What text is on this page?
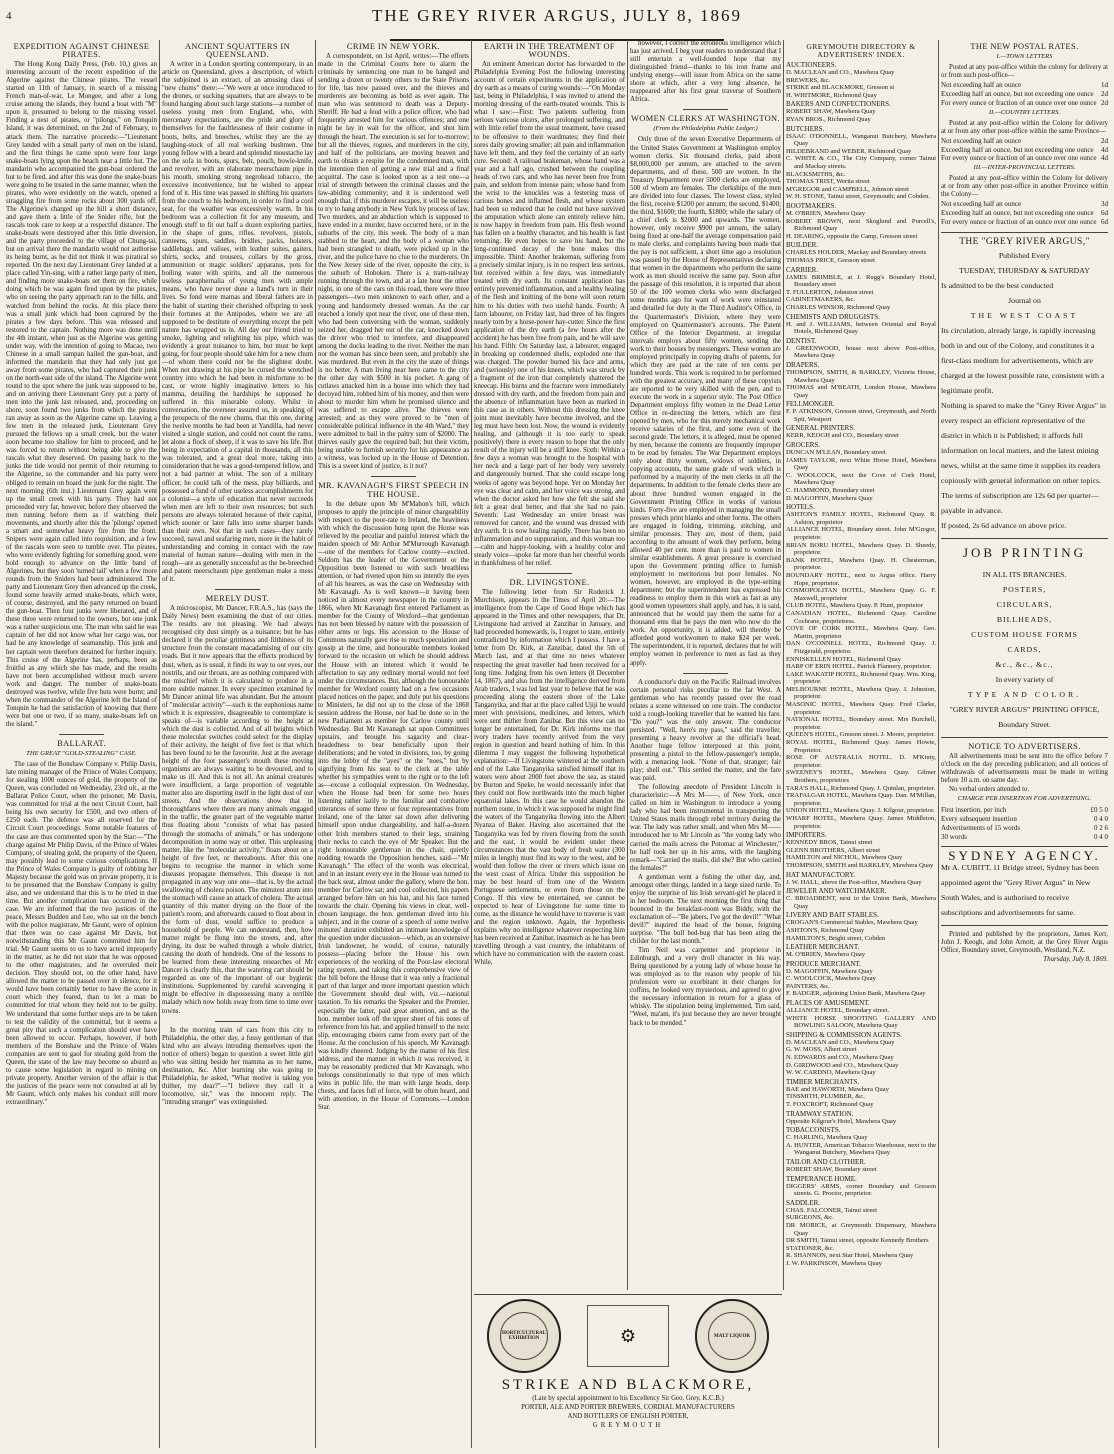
4	THE GREY RIVER ARGUS, JULY 8, 1869
EXPEDITION AGAINST CHINESE PIRATES.

The Hong Kong Daily Press, (Feb. 10,) gives an interesting account of the recent expedition of the Algerine against the Chinese pirates. The vessel started on 11th of January, in search of a missing French man-of-war, Le Mongee, and after a long cruise among the islands, they found a boat with "M" upon it, presumed to belong to the missing vessel. Finding a nest of pirates, or "pilongs," on Tonquin Island, it was determined, on the 2nd of February, to attack them. The narrative proceeds:—"Lieutenant Grey landed with a small party of men on the island, and the first things he came upon were four large snake-boats lying upon the beach near a little hut. The mandarin who accompanied the gun-boat ordered the hut to be fired, and after this was done the snake-boats were going to be treated in the same manner, when the pirates, who were evidently on the watch, opened a straggling fire from some rocks about 300 yards off. The Algerine's charged up the hill a short distance, and gave them a little of the Snider rifle, but the rascals took care to keep at a respectful distance. The snake-boats were destroyed after this little diversion, and the party proceeded to the village of Chung-tai, but on arrival there the mandarin would not authorise its being burnt, as he did not think it was piratical so reported. On the next day Lieutenant Grey landed at a place called Yin-sing, with a rather large party of men, and finding more snake-boats set them on fire, while doing which he was again fired upon by the pirates, who on seeing the party approach ran to the hills, and watched from behind the rocks. At this place there was a small junk which had been captured by the pirates a few days before. This was released and restored to the captain. Nothing more was done until the 4th instant, when just as the Algerine was getting under way, with the intention of going to Macao, two Chinese in a small sampan hailed the gun-boat, and informed the mandarin that they had only just got away from some pirates, who had captured their junk on the north-east side of the island. The Algerine went round to the spot where the junk was supposed to be, and on arriving there Lieutenant Grey put a party of men into the junk last released, and, proceeding on shore, soon found two junks from which the pirates ran away as soon as the Algerine came up. Leaving a few men in the released junk, Lieutenant Grey pursued the fellows up a small creek, but the water soon became too shallow for him to proceed, and he was forced to return without being able to give the rascals what they deserved. On passing back to the junks the tide would not permit of their returning to the Algerine, so the commander and his party were obliged to remain on board the junk for the night. The next morning (6th inst.) Lieutenant Grey again went up the small creek with his party. They had not proceeded very far, however, before they observed the men running before them as if watching their movements, and shortly after this the 'pilongs' opened a smart and somewhat heavy fire from the front. Snipers were again called into requisition, and a few of the rascals were seen to tumble over. The pirates, who were evidently fighting for something good, were bold enough to advance on the little band of Algerines, but they soon 'turned tail' when a few more rounds from the Sniders had been administered. The party and Lieutenant Grey then advanced up the creek, found some heavily armed snake-boats, which were, of course, destroyed, and the party returned on board the gun-boat. Then four junks were liberated, and of these three were returned to the owners, but one junk was a rather suspicious one. The man who said he was captain of her did not know what her cargo was, nor had he any knowledge of seamanship. This junk and her captain were therefore detained for further inquiry. This cruise of the Algerine has, perhaps, been as fruitful as any which she has made, and the results have not been accomplished without much severe work and danger. The number of snake-boats destroyed was twelve, while five huts were burnt; and when the commander of the Algerine left the Island of Tonquin he had the satisfaction of knowing that there were but one or two, if so many, snake-boats left on the island."

BALLARAT.
THE GREAT "GOLD-STEALING" CASE.

The case of the Bonshaw Company v. Philip Davis, late mining manager of the Prince of Wales Company, for stealing 1000 ounces of gold, the property of the Queen, was concluded on Wednesday, 23rd ult., at the Ballarat Police Court, when the prisoner, Mr Davis, was committed for trial at the next Circuit Court, bail being his own security for £500, and two others of £250 each. The defence was all reserved for the Circuit Court proceedings. Some notable features of the case are thus commented upon by the Star:—"The charge against Mr Philip Davis, of the Prince of Wales Company, of stealing gold, the property of the Queen, may possibly lead to some curious complications. If the Prince of Wales Company is guilty of robbing her Majesty because the gold was on private property, it is to be presumed that the Bonshaw Company is guilty also, and we understand that this is to be tried in due time. But another complication has occurred in the case. We are informed that the two justices of the peace, Messrs Budden and Lee, who sat on the bench with the police magistrate, Mr Gaunt, were of opinion that there was no case against Mr Davis, but notwithstanding this Mr Gaunt committed him for trial. Mr Gaunt seems to us to have acted improperly in the matter, as he did not state that he was opposed to the other magistrates, and he overruled their decision. They should not, on the other hand, have allowed the matter to be passed over in silence, for it would have been certainly better to have the scene in court which they feared, than to let a man be committed for trial whom they held not to be guilty. We understand that some further steps are to be taken to test the validity of the committal, but it seems a great pity that such a complication should ever have been allowed to occur. Perhaps, however, if both members of the Bonshaw and the Prince of Wales companies are sent to gaol for stealing gold from the Queen, the state of the law may become so absurd as to cause some legislation in regard to mining on private property. Another version of the affair is that the justices of the peace were not consulted at all by Mr Gaunt, which only makes his conduct still more extraordinary."

ANCIENT SQUATTERS IN QUEENSLAND.

A writer in a London sporting contemporary, in an article on Queensland, gives a description, of which the subjoined is an extract, of an amusing class of "new chums" there:—"We were at once introduced to the drones, or sucking squatters, that are always to be found hanging about such large stations—a number of useless young men from England, who, with mercenary expectations, are the pride and glory of themselves for the faultlessness of their costume in boots, belts, and breeches, whilst they are the ay laughing-stock of all real working bushmen. One young fellow with a beard and splendid moustache lay on the sofa in boots, spurs, belt, pouch, bowie-knife, and revolver, with an elaborate meerschaum pipe in his mouth, smoking strong negrohead tobacco, the excessive inconvenience, but he wished to appear fond of it. His time was passed in shifting his quarters from the couch to his bedroom, in order to find a cool seat, for the weather was excessively warm. In his bedroom was a collection fit for any museum, and enough stuff to fit out half a dozen exploring parties, in the shape of guns, rifles, revolvers, pistols, canteens, spurs, saddles, bridles, packs, holsters, saddlebags, and valises, with leather suites, gaiters, shirts, socks, and trousers, collars by the gross, ammunition or magic soldiers' apparatus, pots for boiling water with spirits, and all the numerous useless paraphernalia of young men with ample means, who have never done a hand's turn in their lives. So fond were mamas and liberal fathers are in the habit of starting their cherished offspring to seek their fortunes at the Antipodes, where we are all supposed to be destitute of everything except the pelt nature has wrapped us in. All day our friend tried to smoke, lighting and relighting his pipe, which was evidently a great nuisance to him, but must be kept going, for four people should take him for a new chum—of whom there could not be the slightest doubt. When not drawing at his pipe he cursed the wretched country into which he had been in misfortune to be cast, or wrote highly imaginative letters to his mamma, detailing the hardships he supposed he suffered in this miserable colony. Whilst in conversation, the overseer assured us, in speaking of the prospects of the new chums, that this one, during the twelve months he had been at Yandilla, had never visited a single station, and could not count the rams, let alone a flock of sheep, if it was to save his life. But being in expectation of a capital in thousands, all this was tolerated, and a great deal more, taking into consideration that he was a good-tempered fellow, and not a bad partner at whist. The son of a military officer, he could talk of the mess, play billiards, and possessed a fund of other useless accomplishments for a colonist—a style of education that never succeeds when men are left to their own resources; but such persons are always tolerated because of their capital, which sooner or later falls into some sharper hands than their own. Not that in such cases—they rarely succeed, naval and seafaring men, more in the habit of understanding and coming in contact with the raw material of human nature—dealing with men in the rough—are as generally successful as the be-breeched and patent meerschaum pipe gentleman make a mess of it.

MERELY DUST.

A microscopist, Mr Dancer, F.R.A.S., has (says the Daily News) been examining the dust of our cities. The results are not pleasing. We had always recognised city dust simply as a nuisance; but he has declared it the peculiar grittiness and filthiness of its structure from the constant macadamising of our city roads. But it now appears that the effects produced by dust, when, as is usual, it finds its way to our eyes, our nostrils, and our throats, are as nothing compared with the mischief which it is calculated to produce in a more subtle manner. In every specimen examined by Mr Dancer animal life was abundant. But the amount of "molecular activity"—such is the euphonious name which it is expressive, disagreeable to contemplate is speaks of—is variable according to the height at which the dust is collected. And of all heights which these molecular switches could select for the display of their activity, the height of five feet is that which has been found to be the favourite. Just at the average height of the foot passenger's mouth these moving organisms are always waiting to be devoured, and to make us ill. And this is not all. An animal creatures were insufficient, a large proportion of vegetable matter also are disporting itself in the light dust of our streets. And the observations show that in thoroughfares where there are many animals engaged in the traffic, the greater part of the vegetable matter thus floating about "consists of what has passed through the stomachs of animals," or has undergone decomposition in some way or other. This unpleasing matter, like the "molecular activity," floats about on a height of five feet, or thereabouts. After this one begins to recognise the manner in which some diseases propagate themselves. This disease is not propagated in any way one one—that is, by the actual swallowing of cholera poison. The minutest atom into the stomach will cause an attack of cholera. The actual quantity of this matter drying on the floor of the patient's room, and afterwards caused to float about in the form of dust, would suffice to produce a household of people. We can understand, then, how matter might be flung into the streets, and, after drying, its dust be wafted through a whole district, causing the death of hundreds. One of the lessons to be learned from these interesting researches of Mr Dancer is clearly this, that the watering cart should be regarded as one of the important of our hygienic institutions. Supplemented by careful scavenging it might be effective in dispossessing many a terrible malady which now holds sway from time to time over towns.

In the morning train of cars from this city to Philadelphia, the other day, a fussy gentleman of that kind who are always intruding themselves upon the notice of others) began to question a sweet little girl who was sitting beside her mamma as to her name, destination, &c. After learning she was going to Philadelphia, he asked, "What motive is taking you thither, my dear?"—"I believe they call it a locomotive, sir," was the innocent reply. The "intruding stranger" was extinguished.

CRIME IN NEW YORK.

A correspondent, on 1st April, writes:—The efforts made in the Criminal Courts here to alarm the criminals by sentencing one man to be hanged and sending a dozen or twenty others to the State Prisons for life, has now passed over, and the thieves and murderers are becoming as bold as ever again. The man who was sentenced to death was a Deputy-Sheriff. He had a feud with a police officer, who had frequently arrested him for various offences; and one night he lay in wait for the officer, and shot him through the heart. The execution is set for to-morrow; but all the thieves, rogues, and murderers in the city, and half of the politicians, are moving heaven and earth to obtain a respite for the condemned man, with the intention then of getting a new trial and a final acquittal. The case is looked upon as a test one—a trial of strength between the criminal classes and the law-abiding community; and it is understood well enough that, if this murderer escapes, it will be useless to try to hang anybody in New York by process of law. Two murders, and an abduction which is supposed to have ended in a murder, have occurred here, or in the suburbs of the city, this week. The body of a man stabbed to the heart, and the body of a woman who had been strangled to death, were picked up in the river, and the police have no clue to the murderers. On the New Jersey side of the river, opposite the city, is the suburb of Hoboken. There is a tram-railway running through the town, and at a late hour the other night, in one of the cars on this road, there were three passengers—two men unknown to each other, and a young and handsomely dressed woman. As the car reached a lonely spot near the river, one of these men, who had been conversing with the woman, suddenly seized her, dragged her out of the car, knocked down the driver who tried to interfere, and disappeared among the docks leading to the river. Neither the man nor the woman has since been seen, and probably she was murdered. But even in the city the state of things is no better. A man living near here came to the city the other day with $500 in his pocket. A gang of cutlaws attacked him in a house into which they had decoyed him, robbed him of his money, and then were about to murder him when he promised silence and was suffered to escape alive. The thieves were arrested; and as they were proved to be "men of considerable political influence in the 4th Ward," they were admitted to bail in the paltry sum of $2000. The thieves easily gave the required bail; but their victim, being unable to furnish security for his appearance as a witness, was locked up in the House of Detention. This is a sweet kind of justice, is it not?

MR. KAVANAGH'S FIRST SPEECH IN THE HOUSE.

In the debate upon Mr M'Mahon's bill, which proposes to apply the principle of minor chargeability with respect to the poor-rate to Ireland, the heaviness with which the discussion hung upon the House was relieved by the peculiar and painful interest which the maiden speech of Mr Arthur M'Murrough Kavanagh—one of the members for Carlow county—excited. Seldom has the leader of the Government or the Opposition been listened to with such breathless attention, or had riveted upon him so intently the eyes of all his hearers, as was the case on Wednesday with Mr Kavanagh. As is well known—it having been noticed in almost every newspaper in the country in 1866, when Mr Kavanagh first entered Parliament as member for the County of Wexford—that gentleman has not been blessed by nature with the possession of either arms or legs. His accession to the House of Commons naturally gave rise to much speculation and gossip at the time, and honourable members looked forward to the occasion on which he should address the House with an interest which it would be affectation to say any ordinary mortal would not feel under the circumstances. But, although the honourable member for Wexford county had on a few occasions placed notices on the paper, and duly put his questions to Ministers, he did not up to the close of the 1868 session address the House, nor had he done so in the new Parliament as member for Carlow county until Wednesday. But Mr Kavanagh sat upon Committees upstairs, and brought his sagacity and clear-headedness to bear beneficially upon their deliberations; and he voted in divisions, too, by going into the lobby of the "ayes" or the "noes," but by signifying from his seat to the clerk at the table whether his sympathies went to the right or to the left as—excuse a colloquial expression. On Wednesday, when the House had been for some two hours listening rather lazily to the familiar and combative utterances of some three or four representatives from Ireland, one of the latter sat down after delivering himself upon undue chargeability, and half-a-dozen other Irish members started to their legs, straining their necks to catch the eye of Mr Speaker. But the right honourable gentleman in the chair, quietly nodding towards the Opposition benches, said—"Mr Kavanagh." The effect of the words was electrical, and in an instant every eye in the House was turned to the back seat, almost under the gallery, where the hon. member for Carlow sat; and cool collected, his papers arranged before him on his hat, and his face turned towards the chair. Opening his views in clear, well-chosen language, the hon. gentleman dived into his subject, and in the course of a speech of some twelve minutes' duration exhibited an intimate knowledge of the question under discussion—which, as an extensive Irish landowner, he would, of course, naturally possess—placing before the House his own experiences of the working of the Poor-law electoral rating system, and taking this comprehensive view of the bill before the House that it was only a fractional part of that larger and more important question which the Government should deal with, viz.—national taxation. To his remarks the Speaker and the Premier, especially the latter, paid great attention, and as the hon. member took off the upper sheet of his notes of reference from his hat, and applied himself to the next slip, encouraging cheers came from every part of the House. At the conclusion of his speech, Mr Kavanagh was kindly cheered. Judging by the matter of his first address, and the manner in which it was received, it may be reasonably predicted that Mr Kavanagh, who belongs constitutionally to that type of men which wins in public life, the man with large heads, deep chests, and faces full of force, will be often heard, and with attention, in the House of Commons.—London Star.

EARTH IN THE TREATMENT OF WOUNDS.

An eminent American doctor has forwarded to the Philadelphia Evening Post the following interesting account of certain experiments in the application of dry earth as a means of curing wounds:—"On Monday last, being in Philadelphia, I was invited to attend the morning dressing of the earth-treated wounds. This is what I saw:—First: Two patients suffering from serious varicose ulcers, after prolonged suffering, and with little relief from the usual treatment, have ceased to be offensive to their wardmates; they find their sores daily growing smaller; all pain and inflammation have left them, and they feel the certainty of an early cure. Second: A railroad brakeman, whose hand was a year and a half ago, crushed between the coupling heads of two cars, and who has never been free from pain, and seldom from intense pain; whose hand from the wrist to the knuckles was a festering mass of carious bones and inflamed flesh, and whose system had been so reduced that he could not have survived the amputation which alone can entirely relieve him, is now happy in freedom from pain. His flesh wound has fallen on a healthy character, and his health is fast returning. He even hopes to save his hand, but the long-continued decay of the bone makes this impossible. Third: Another brakeman, suffering from a precisely similar injury, is in no respect less serious, but received within a few days, was immediately treated with dry earth. Its constant application has entirely prevented inflammation, and a healthy healing of the flesh and knitting of the bone will soon return him to his duties with two useful hands. Fourth: A farm labourer, on Friday last, had three of his fingers nearly torn by a horse-power hay-cutter. Since the first application of the dry earth (a few hours after the accident) he has been free from pain, and he will save his hand. Fifth: On Saturday last, a labourer, engaged in breaking up condemned shells, exploded one that was charged. The powder burned his face and arms, and (seriously) one of his knees, which was struck by a fragment of the iron that completely shattered the kneecap. His burns and the fracture were immediately dressed with dry earth, and the freedom from pain and the absence of inflammation have been as marked in this case as in others. Without this dressing the knee joint must inevitably have become involved, and the leg must have been lost. Now, the wound is evidently healing, and (although it is too early to speak positively) there is every reason to hope that the only result of the injury will be a stiff knee. Sixth: Within a few days a woman was brought to the hospital with her neck and a large part of her body very severely and dangerously burned. That she could escape long weeks of agony was beyond hope. Yet on Monday her eye was clear and calm, and her voice was strong, and when the doctor asked her how she felt she said she felt a great deal better, and that she had no pain. Seventh: Last Wednesday an entire breast was removed for cancer, and the wound was dressed with dry earth. It is now healing rapidly. There has been no inflammation and no suppuration, and this woman too—calm and happy-looking, with a healthy color and steady voice—spoke far more than her cheerful words in thankfulness of her relief.

DR. LIVINGSTONE.

The following letter from Sir Roderick J. Murchison, appears in the Times of April 20:—The intelligence from the Cape of Good Hope which has appeared in the Times and other newspapers, that Dr. Livingstone had arrived at Zanzibar in January, and had proceeded homewards, is, I regret to state, entirely contradicted by information which I possess. I have a letter from Dr. Kirk, at Zanzibar, dated the 5th of March last, and at that time no news whatever respecting the great traveller had been received for a long time. Judging from his own letters (8 December 14, 1867), and also from the intelligence derived from Arab traders, I was led last year to believe that he was proceeding along the eastern shore of the Lake Tanganyika, and that at the place called Ujiji he would meet with provisions, medicines, and letters, which were sent thither from Zanibar. But this view can no longer be entertained, for Dr. Kirk informs me that ivory traders have recently arrived from the very region in question and heard nothing of him. In this dilemma I may suggest the following hypothetical explanation:—If Livingstone wintered at the southern end of the Lake Tanganyika satisfied himself that its waters were about 2000 feet above the sea, as stated by Burton and Speke, he would necessarily infer that they could not flow northwards into the much higher equatorial lakes. In this case he would abandon the northern route, in which it was supposed he might find the waters of the Tanganyika flowing into the Albert Nyanza of Baker. Having also ascertained that the Tanganyika was fed by rivers flowing from the south and the east, it would be evident under these circumstances that the vast body of fresh water (300 miles in length) must find its way to the west, and he would then follow the river or rivers which issue on the west coast of Africa. Under this supposition he may be best heard of from one of the Western Portuguese settlements, or even from those on the Congo. If this view be entertained, we cannot be expected to hear of Livingstone for some time to come, as the distance he would have to traverse is vast and the region unknown. Again, the hypothesis explains why no intelligence whatever respecting him has been received at Zanibar, inasmuch as he has been travelling through a vast country, the inhabitants of which have no communication with the eastern coast. While,

however, I correct the erroneous intelligence which has just arrived, I beg your readers to understand that I still entertain a well-founded hope that my distinguished friend—thanks to his iron frame and undying energy—will issue from Africa on the same shore at which, after a very long absence, he reappeared after his first great traverse of Southern Africa.

WOMEN CLERKS AT WASHINGTON.
(From the Philadelphia Public Ledger.)

Only three of the seven Executive Departments of the United States Government at Washington employ women clerks. Six thousand clerks, paid about $8,000,000 per annum, are attached to the seven departments, and of these, 500 are women. In the Treasury Department over 5000 clerks are employed, 500 of whom are females. The clerkships of the men are divided into four classes. The lowest class, styled the first, receive $1200 per annum; the second, $1400; the third, $1600; the fourth, $1800; while the salary of a chief clerk is $2000 and upwards. The women, however, only receive $900 per annum, the salary being fixed at one-half the average compensation paid to male clerks, and complaints having been made that the pay is not sufficient, a short time ago a resolution was passed by the House of Representatives declaring that women in the departments who perform the same work as men should receive the same pay. Soon after the passage of this resolution, it is reported that about 50 of the 100 women clerks who were discharged some months ago for want of work were reinstated and detailed for duty in the Third Auditor's Office, in the Quartermaster's Division, where they were employed on Quartermaster's accounts. The Patent Office of the Interior Department, at irregular intervals employs about fifty women, sending the work to their houses by messengers. These women are employed principally in copying drafts of patents, for which they are paid at the rate of ten cents per hundred words. This work is required to be performed with the greatest accuracy, and many of these copyists are reported to be very skilled with the pen, and to execute the work in a superior style. The Post Office Department employs fifty women in the Dead Letter Office in re-directing the letters, which are first opened by men, who for this merely mechanical work receive salaries of the first, and some even of the second grade. The letters, it is alleged, must be opened by men, because the contents are frequently improper to be read by females. The War Department employs only about thirty women, widows of soldiers, in copying accounts, the same grade of work which is performed by a majority of the men clerks in all the departments. In addition to the female clerks there are about three hundred women engaged in the Government Printing Office in works of various kinds. Forty-five are employed in managing the small presses which print blanks and other forms. The others are engaged in folding, trimming, stitching, and similar processes. They are, most of them, paid according to the amount of work they perform, being allowed 40 per cent. more than is paid to women in similar establishments. A great pressure is exercised upon the Government printing office to furnish employment to meritorious but poor females. No women, however, are employed in the type-setting department; but the superintendent has expressed his readiness to employ them in this work as fast as any good women typesetters shall apply, and has, it is said, announced that he would pay them the same for a thousand ems that he pays the men who now do the work. An opportunity, it is added, will thereby be afforded good workwomen to make $24 per week. The superintendent, it is reported, declares that he will employ women in preference to men as fast as they apply.

A conductor's duty on the Pacific Railroad involves certain personal risks peculiar to the far West. A gentleman who has recently passed over the road relates a scene witnessed on one train. The conductor told a rough-looking traveller that he wanted his fare. "Do you?" was the only answer. The conductor persisted. "Well, here's my pass," said the traveller, presenting a heavy revolver at the official's head. Another huge fellow interposed at this point, presenting a pistol to the fellow-passenger's temple, with a menacing look. "None of that, stranger; fair play; shell out." This settled the matter, and the fare was paid.

The following anecdote of President Lincoln is characteristic:—A Mrs M——, of New York, once called on him in Washington to introduce a young lady who had been instrumental in transporting the United States mails through rebel territory during the war. The lady was rather small, and when Mrs M—— introduced her to Mr Lincoln as "the young lady who carried the mails across the Potomac at Winchester," he half took her up in his arms, with the laughing remark—"Carried the mails, did she? But who carried the females?"

A gentleman went a fishing the other day, and, amongst other things, landed in a large sized turtle. To enjoy the surprise of his Irish servant-girl he placed it in her bedroom. The next morning the first thing that bounced in the breakfast-room was Biddy, with the exclamation of—"Be jabers, I've got the devil!" "What devil?" inquired the head of the house, feigning surprise. "The bull bed-bug that has been ating the childer for the last month."

Tim Neil was carpenter and proprietor in Edinburgh, and a very droll character in his way. Being questioned by a young lady of whose house he was employed as to the reason why people of his profession were so exorbitant in their charges for coffins, he looked very mysterious, and agreed to give the necessary information in return for a glass of whisky. The stipulation being implemented, Tim said, "Weel, ma'am, it's just because they are never brought back to be mended."

HORTICULTURAL EXHIBITION	⚙	MALT LIQUOR
STRIKE AND BLACKMORE,
(Late by special appointment to his Excellency Sir Geo. Grey, K.C.B.)
PORTER, ALE AND PORTER BREWERS, CORDIAL MANUFACTURERS
AND BOTTLERS OF ENGLISH PORTER,
GREYMOUTH
GREYMOUTH DIRECTORY & ADVERTISERS' INDEX.
AUCTIONEERS.
D. MACLEAN and CO., Mawhera Quay
BREWERS, &c.
STRIKE and BLACKMORE, Gresson st
H. WHITMORE, Richmond Quay
BAKERS AND CONFECTIONERS.
ROBERT SHAW, Mawhera Quay
RYAN BROS., Richmond Quay
BUTCHERS.
ISAAC O'DONNELL, Wanganui Butchery, Mawhera Quay
HILDEBRAND and WEBER, Richmond Quay
C. WHITE & CO., The City Company, corner Tainui and Mackay streets.
BLACKSMITHS, &c.
THOMAS TRIST, Werita street
M'GREGOR and CAMPBELL, Johnson street
W. H. STONE, Tainui street, Greymouth; and Cobden.
BOOTMAKERS.
M. O'BRIEN, Mawhera Quay
ROBERT BROWN, next Skoglund and Purcell's, Richmond Quay
H. DEARING, opposite the Camp, Gresson street
BUILDER.
CHARLES HOLDER, Mackay and Boundary streets
THOMAS PRICE, Gresson street
CARRIER.
JAMES BRIMBLE, at J. Rugg's Boundary Hotel, Boundary street
T. FULLERTON, Johnston street
CABINETMAKERS, &c.
CHARLES WINSOR, Richmond Quay
CHEMISTS AND DRUGGISTS.
H. and J. WILLIAMS, between Oriental and Royal Hotels, Richmond Quay
DENTIST.
J. GREENWOOD, house next above Post-office, Mawhera Quay
DRAPERS.
THOMPSON, SMITH, & BARKLEY, Victoria House, Mawhera Quay
THOMAS and M'BEATH, London House, Mawhera Quay
FELLMONGER.
F. P. ATKINSON, Gresson street, Greymouth, and North Spit, Westport
GENERAL PRINTERS.
KERR, KEOGH and CO., Boundary street
GROCERS.
DUNCAN M'LEAN, Boundary street
JAMES TAYLOR, next White Horse Hotel, Mawhera Quay
C. WOOLCOCK, next the Cove of Cork Hotel, Mawhera Quay
C. HAMMOND, Boundary street
D. MAGOFFIN, Mawhera Quay
HOTELS.
ASHTON'S FAMILY HOTEL, Richmond Quay. R. Ashton, proprietor
ALLIANCE HOTEL, Boundary street. John M'Gregor, proprietor.
BRIAN BORU HOTEL, Mawhera Quay. D. Sheedy, proprietor.
BANK HOTEL, Mawhera Quay. H. Chesterman, proprietor.
BOUNDARY HOTEL, next to Argus office. Harry Hope, proprietor.
COSMOPOLITAN HOTEL, Mawhera Quay. G. F. Maxwell, proprietor
CLUB HOTEL, Mawhera Quay. P. Hunt, proprietor
CANADIAN HOTEL, Richmond Quay. Caroline Cochrane, proprietress.
COVE OF CORK HOTEL, Mawhera Quay. Geo. Martin, proprietor
DAN O'CONNELL HOTEL, Richmond Quay. J. Fitzgerald, proprietor.
ENNISKELLEN HOTEL, Richmond Quay
HARP OF ERIN HOTEL. Patrick Flannery, proprietor.
LAKE WAKATIP HOTEL, Richmond Quay. Wm. King, proprietor.
MELBOURNE HOTEL, Mawhera Quay. J. Johnston, proprietor.
MASONIC HOTEL, Mawhera Quay. Fred Clarke, proprietor.
NATIONAL HOTEL, Boundary street. Mrs Burchell, proprietor.
QUEEN'S HOTEL, Gresson street. J. Moore, proprietor.
ROYAL HOTEL, Richmond Quay. James Howie, Proprietor.
ROSE OF AUSTRALIA HOTEL. D. M'Kinty, proprietor.
SWEENEY'S HOTEL, Mawhera Quay. Gilmer Brothers, proprietors
TARA'S HALL, Richmond Quay. J. Quinlan, proprietor.
TRAFALGAR HOTEL, Mawhera Quay. Dan. M'Millan, proprietor.
UNION HOTEL, Mawhera Quay. J. Kilgour, proprietor.
WHARF HOTEL, Mawhera Quay. James Middleton, proprietor.
IMPORTERS.
KENNEDY BROS, Tainui street
GLENN BROTHERS, Albert street
HAMILTON and NICHOL, Mawhera Quay
THOMPSON, SMITH and BARKLEY, Mawhera Quay
HAT MANUFACTORY.
J. W. HALL, above the Post-office, Mawhera Quay
JEWELER AND WATCHMAKER.
C. BROADBENT, next to the Union Bank, Mawhera Quay
LIVERY AND BAIT STABLES.
CROGAN'S Commercial Stables, Mawhera Quay
ASHTON'S, Richmond Quay
HAMILTON'S, Bright street, Cobden
LEATHER MERCHANT.
M. O'BRIEN, Mawhera Quay
PRODUCE MERCHANT.
D. MAGOFFIN, Mawhera Quay
C. WOOLCOCK, Mawhera Quay
PAINTERS, &c.
F. BADGER, adjoining Union Bank, Mawhera Quay
PLACES OF AMUSEMENT.
ALLIANCE HOTEL, Boundary street.
WHITE HORSE SHOOTING GALLERY AND BOWLING SALOON, Mawhera Quay
SHIPPING & COMMISSION AGENTS.
D. MACLEAN and CO., Mawhera Quay
G. W. MOSS, Albert street
N. EDWARDS and CO., Mawhera Quay
D. GIRDWOOD and CO., Mawhera Quay
W. W. CARDNO, Mawhera Quay
TIMBER MERCHANTS.
BAE and HAWORTH, Mawhera Quay
TINSMITH, PLUMBER, &c.
T. FOXCROFT, Richmond Quay
TRAMWAY STATION.
Opposite Kilgour's Hotel, Mawhera Quay
TOBACCONISTS.
C. HARLING, Mawhera Quay
A. HUNTER, American Tobacco Warehouse, next to the Wanganui Butchery, Mawhera Quay
TAILOR AND CLOTHIER.
ROBERT SHAW, Boundary street
TEMPERANCE HOME.
DIGGERS' ARMS, corner Boundary and Gresson streets. G. Proctor, proprietor.
SADDLER.
CHAS. FALCONER, Tainui street
SURGEONS, &c.
DR MORICE, at Greymouth Dispensary, Mawhera Quay
DR SMITH, Tainui street, opposite Kennedy Brothers
STATIONER, &c.
R. SHANNON, next Star Hotel, Mawhera Quay
J. W. PARKINSON, Mawhera Quay
THE NEW POSTAL RATES.
I.—TOWN LETTERS

Posted at any post-office within the colony for delivery at or from such post-office—

Not exceeding half an ounce	1d
Exceeding half an ounce, but not exceeding one ounce 2d
For every ounce or fraction of an ounce over one ounce 2d
II.—COUNTRY LETTERS.

Posted at any post-office within the Colony for delivery at or from any other post-office within the same Province—

Not exceeding half an ounce	2d
Exceeding half an ounce, but not exceeding one ounce 4d
For every ounce or fraction of an ounce over one ounce 4d
III.—INTER-PROVINCIAL LETTERS.

Posted at any post-office within the Colony for delivery at or from any other post-office in another Province within the Colony—

Not exceeding half an ounce	3d
Exceeding half an ounce, but not exceeding one ounce 6d
For every ounce or fraction of an ounce over one ounce 6d
THE "GREY RIVER ARGUS,"
Published Every
TUESDAY, THURSDAY & SATURDAY
Is admitted to be the best conducted
Journal on
THE WEST COAST
Its circulation, already large, is rapidly increasing both in and out of the Colony, and constitutes it a first-class medium for advertisements, which are charged at the lowest possible rate, consistent with a legitimate profit.
Nothing is spared to make the "Grey River Argus" in every respect an efficient representative of the district in which it is Published; it affords full information on local matters, and the latest mining news, whilst at the same time it supplies its readers copiously with general information on other topics.
The terms of subscription are 12s 6d per quarter—payable in advance.
If posted, 2s 6d advance on above price.
JOB PRINTING
IN ALL ITS BRANCHES.
POSTERS,
CIRCULARS,
BILLHEADS,
CUSTOM HOUSE FORMS
CARDS,
&c., &c., &c.,
In every variety of
TYPE AND COLOR.
"GREY RIVER ARGUS" PRINTING OFFICE,
Boundary Street.
NOTICE TO ADVERTISERS.

All advertisements must be sent into the office before 7 o'clock on the day preceding publication; and all notices of withdrawals of advertisements must be made in writing before 10 a.m. on same day.

No verbal orders attended to.

CHARGE PER INSERTION FOR ADVERTISING.
First insertion, per inch	£0 5 0
Every subsequent insertion	0 4 0
Advertisements of 15 words	0 2 6
30 words	0 4 0
SYDNEY AGENCY.
Mr A. CUBITT, 11 Bridge street, Sydney has been appointed agent the "Grey River Argus" in New South Wales, and is authorised to receive subscriptions and advertisements for same.

Printed and published by the proprietors, James Kerr, John J. Keogh, and John Arnott, at the Grey River Argus Office, Boundary street, Greymouth, Westland, N.Z.

Thursday, July 8, 1869.
